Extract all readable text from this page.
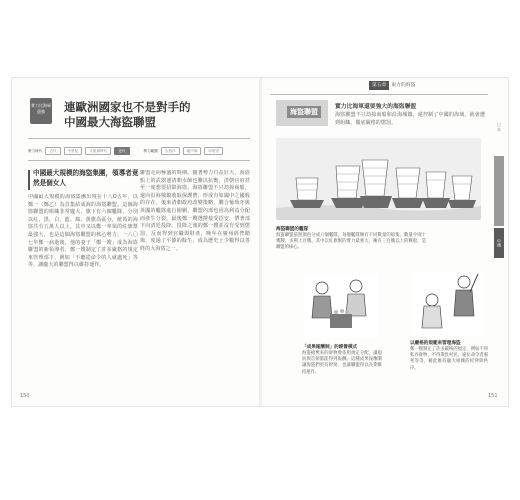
實力比海軍還強	連歐洲國家也不是對手的
中國最大海盜聯盟
勢力時代	古代	中世紀	大航海時代	近代	勢力範圍	大西洋	地中海	印度洋
中國最大規模的海盜集團，領導者竟然是個女人
中國最大規模的海盜集團出現在十八O五年，以鄭一（鄭乙）為首集結成海的海盜聯盟，這個海盜聯盟的組織非常龐大，旗下有六個艦隊，分別以紅、黑、白、藍、綠、黃旗為區分，統領的海盜共有五萬人以上，其中又以鄭一率領的紅旗幫最強大，也是這個海盜聯盟的核心勢力。一八〇七年鄭一病逝後，他的妻子「鄭一嫂」成為海盜聯盟的新領導者，鄭一嫂制定了許多嚴格的規定來管理部下，例如「不聽從命令的人就處死」等等，讓龐大的聯盟得以維持運作。
聯盟走向極盛的時期。隨著勢力日益壯大，海盜船上的武器連清朝水師也難以抗衡，清朝官府甚至一度想要招降海盜。海盜聯盟不只劫掠商船，還向沿海城鎮收取保護費，形成有如國中之國般的存在。後來清朝政府改變策略，聯合葡萄牙與英國的艦隊進行圍剿，聯盟內部也因為利益分配而產生分裂，最後鄭一嫂選擇接受招安，帶著部下向清廷投降。投降之後的鄭一嫂並沒有受到懲罰，反而得到官職與財產，晚年在廣州經營賭場，度過了平靜的餘生，成為歷史上少數得以善終的大海盜之一。
150
第五章 東方的海盜
海盜聯盟
實力比海軍還要強大的海盜聯盟
海盜聯盟不只劫掠商船和沿海城鎮，還控制了中國的海域，就會遭到組織、徹底嚴格的懲罰。
海盜聯盟的艦隊
海盜聯盟依照顏色分成六個艦隊，每個艦隊擁有不同數量的船隻，數量少則十幾艘，多則上百艘。其中以紅旗幫的實力最強大，擁有三百艘以上的戰船，是聯盟的核心。
「成果報酬制」的經營模式
海盜搶奪來的財物會依照規定分配，讓船員與首領都能得到報酬。這種成果報酬制讓海盜們更有幹勁，也讓聯盟得以長期維持運作。
以嚴格的規範來管理海盜
鄭一嫂制定了許多嚴格的規定，例如不得私吞財物、不得欺負村民、違抗命令者處死等等，藉此維持龐大組織的紀律與秩序。
日本
中國
151
